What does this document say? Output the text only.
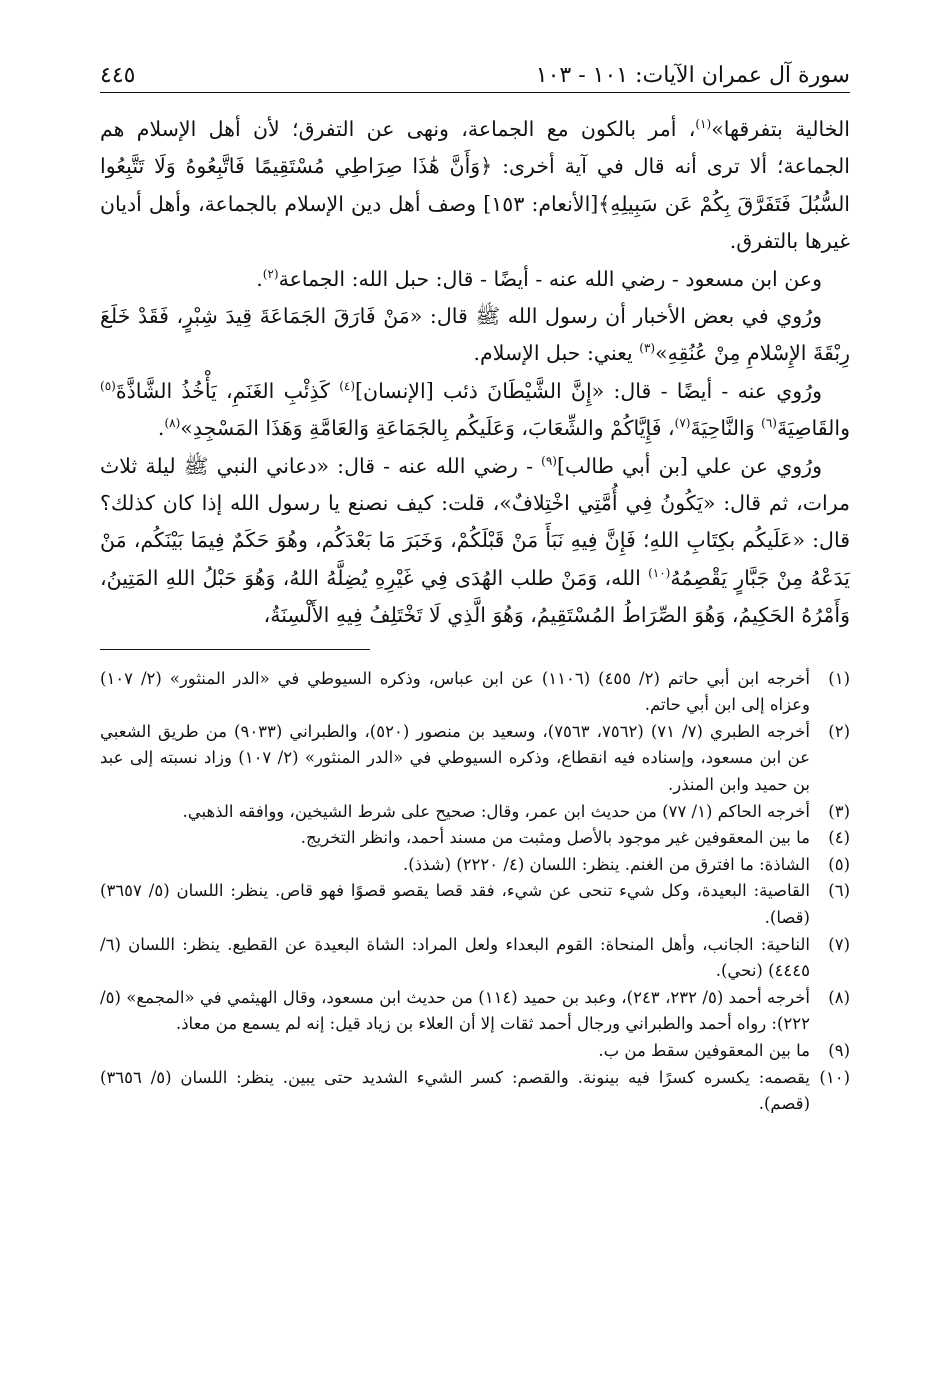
سورة آل عمران الآيات: ١٠١ - ١٠٣
٤٤٥

الخالية بتفرقها»$^{(١)}$، أمر بالكون مع الجماعة، ونهى عن التفرق؛ لأن أهل الإسلام هم الجماعة؛ ألا ترى أنه قال في آية أخرى: ﴿وَأَنَّ هَٰذَا صِرَاطِي مُسْتَقِيمًا فَاتَّبِعُوهُ وَلَا تَتَّبِعُوا السُّبُلَ فَتَفَرَّقَ بِكُمْ عَن سَبِيلِهِ﴾[الأنعام: ١٥٣] وصف أهل دين الإسلام بالجماعة، وأهل أديان غيرها بالتفرق.

وعن ابن مسعود - رضي الله عنه - أيضًا - قال: حبل الله: الجماعة$^{(٢)}$.

ورُوي في بعض الأخبار أن رسول الله ﷺ قال: «مَنْ فَارَقَ الجَمَاعَةَ قِيدَ شِبْرٍ، فَقَدْ خَلَعَ رِبْقَةَ الإِسْلامِ مِنْ عُنُقِهِ»$^{(٣)}$ يعني: حبل الإسلام.

ورُوي عنه - أيضًا - قال: «إِنَّ الشَّيْطَانَ ذئب [الإنسان]$^{(٤)}$ كَذِئْبِ الغَنَمِ، يَأْخُذُ الشَّاذَّةَ$^{(٥)}$ والقَاصِيَةَ$^{(٦)}$ وَالنَّاحِيَةَ$^{(٧)}$، فَإِيَّاكُمْ والشِّعَابَ، وَعَلَيكُم بِالجَمَاعَةِ وَالعَامَّةِ وَهَذَا المَسْجِدِ»$^{(٨)}$.

ورُوي عن علي [بن أبي طالب]$^{(٩)}$ - رضي الله عنه - قال: «دعاني النبي ﷺ ليلة ثلاث مرات، ثم قال: «يَكُونُ فِي أُمَّتِي اخْتِلافٌ»، قلت: كيف نصنع يا رسول الله إذا كان كذلك؟ قال: «عَلَيكُم بكِتَابِ اللهِ؛ فَإِنَّ فِيهِ نَبَأَ مَنْ قَبْلَكُمْ، وَخَبَرَ مَا بَعْدَكُم، وهُوَ حَكَمٌ فِيمَا بَيْنَكُم، مَنْ يَدَعْهُ مِنْ جَبَّارٍ يَقْصِمُهُ$^{(١٠)}$ الله، وَمَنْ طلب الهُدَى فِي غَيْرِهِ يُضِلَّهُ اللهُ، وَهُوَ حَبْلُ اللهِ المَتِينُ، وَأَمْرُهُ الحَكِيمُ، وَهُوَ الصِّرَاطُ المُسْتَقِيمُ، وَهُوَ الَّذِي لَا تَخْتَلِفُ فِيهِ الأَلْسِنَةُ،

(١)
أخرجه ابن أبي حاتم (٢/ ٤٥٥) (١١٠٦) عن ابن عباس، وذكره السيوطي في «الدر المنثور» (٢/ ١٠٧) وعزاه إلى ابن أبي حاتم.
(٢)
أخرجه الطبري (٧/ ٧١) (٧٥٦٢، ٧٥٦٣)، وسعيد بن منصور (٥٢٠)، والطبراني (٩٠٣٣) من طريق الشعبي عن ابن مسعود، وإسناده فيه انقطاع، وذكره السيوطي في «الدر المنثور» (٢/ ١٠٧) وزاد نسبته إلى عبد بن حميد وابن المنذر.
(٣)
أخرجه الحاكم (١/ ٧٧) من حديث ابن عمر، وقال: صحيح على شرط الشيخين، ووافقه الذهبي.
(٤)
ما بين المعقوفين غير موجود بالأصل ومثبت من مسند أحمد، وانظر التخريج.
(٥)
الشاذة: ما افترق من الغنم. ينظر: اللسان (٤/ ٢٢٢٠) (شذذ).
(٦)
القاصية: البعيدة، وكل شيء تنحى عن شيء، فقد قصا يقصو قصوًا فهو قاص. ينظر: اللسان (٥/ ٣٦٥٧) (قصا).
(٧)
الناحية: الجانب، وأهل المنحاة: القوم البعداء ولعل المراد: الشاة البعيدة عن القطيع. ينظر: اللسان (٦/ ٤٤٤٥) (نحي).
(٨)
أخرجه أحمد (٥/ ٢٣٢، ٢٤٣)، وعبد بن حميد (١١٤) من حديث ابن مسعود، وقال الهيثمي في «المجمع» (٥/ ٢٢٢): رواه أحمد والطبراني ورجال أحمد ثقات إلا أن العلاء بن زياد قيل: إنه لم يسمع من معاذ.
(٩)
ما بين المعقوفين سقط من ب.
(١٠)
يقصمه: يكسره كسرًا فيه بينونة. والقصم: كسر الشيء الشديد حتى يبين. ينظر: اللسان (٥/ ٣٦٥٦) (قصم).
